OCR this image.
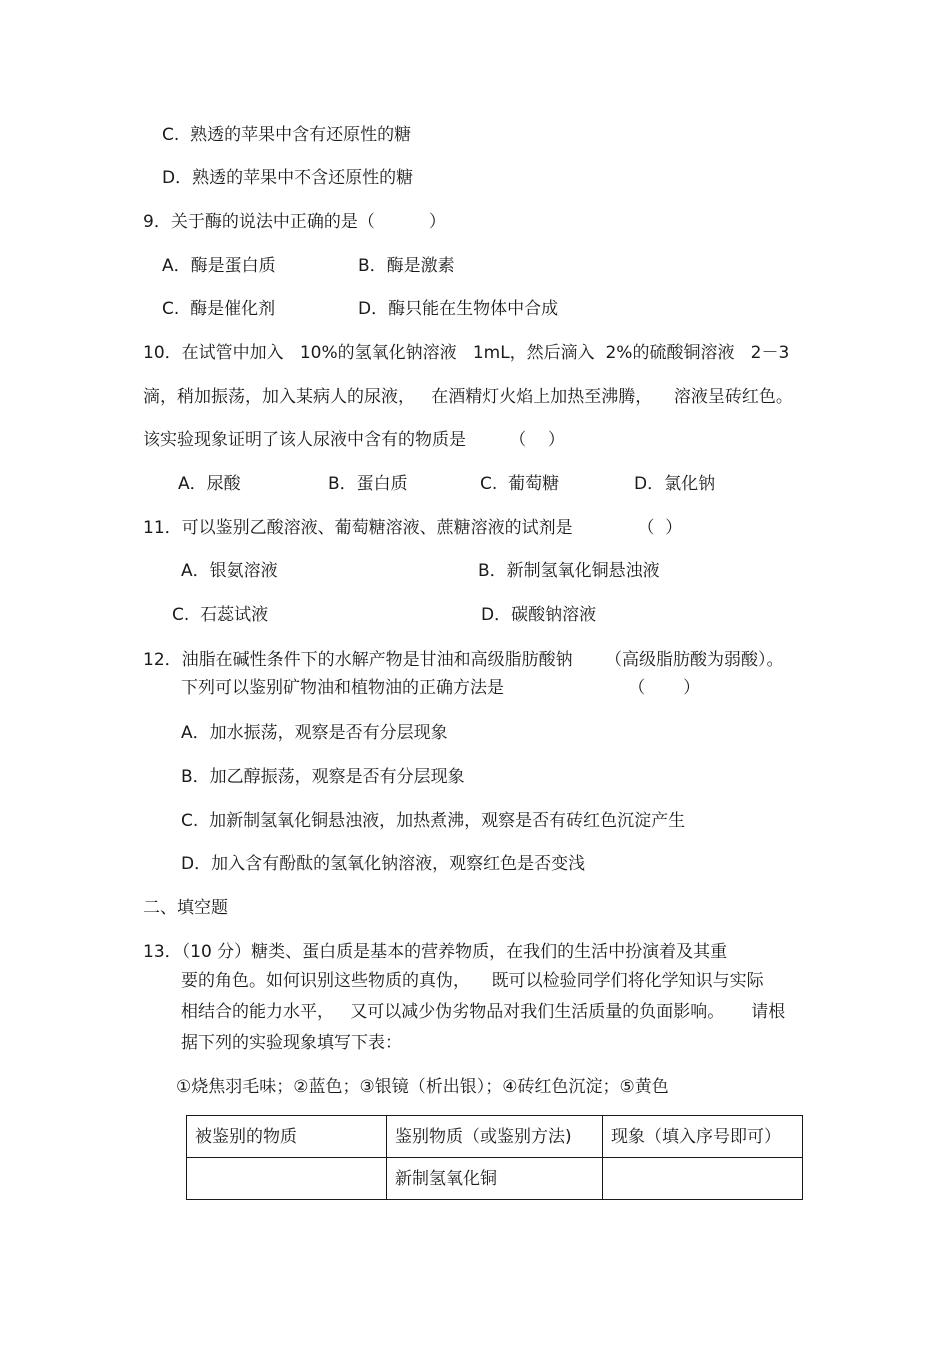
C.  熟透的苹果中含有还原性的糖
D．熟透的苹果中不含还原性的糖
9．关于酶的说法中正确的是（          ）
A．酶是蛋白质	B．酶是激素
C.  酶是催化剂	D．酶只能在生物体中合成
10．在试管中加入   10%的氢氧化钠溶液   1mL，然后滴入  2%的硫酸铜溶液   2－3
滴，稍加振荡，加入某病人的尿液，   在酒精灯火焰上加热至沸腾，    溶液呈砖红色。
该实验现象证明了该人尿液中含有的物质是        （    ）
A．尿酸	B．蛋白质	C.  葡萄糖	D．氯化钠
11．可以鉴别乙酸溶液、葡萄糖溶液、蔗糖溶液的试剂是            （  ）
A．银氨溶液	B．新制氢氧化铜悬浊液
C.  石蕊试液	D．碳酸钠溶液
12．油脂在碱性条件下的水解产物是甘油和高级脂肪酸钠      （高级脂肪酸为弱酸）。
下列可以鉴别矿物油和植物油的正确方法是                       （       ）
A．加水振荡，观察是否有分层现象
B．加乙醇振荡，观察是否有分层现象
C.  加新制氢氧化铜悬浊液，加热煮沸，观察是否有砖红色沉淀产生
D．加入含有酚酞的氢氧化钠溶液，观察红色是否变浅
二、填空题
13．（10 分）糖类、蛋白质是基本的营养物质，在我们的生活中扮演着及其重
要的角色。如何识别这些物质的真伪，    既可以检验同学们将化学知识与实际
相结合的能力水平，   又可以减少伪劣物品对我们生活质量的负面影响。     请根
据下列的实验现象填写下表：
①烧焦羽毛味；②蓝色；③银镜（析出银）；④砖红色沉淀；⑤黄色
被鉴别的物质	鉴别物质（或鉴别方法)	现象（填入序号即可）
	新制氢氧化铜	
